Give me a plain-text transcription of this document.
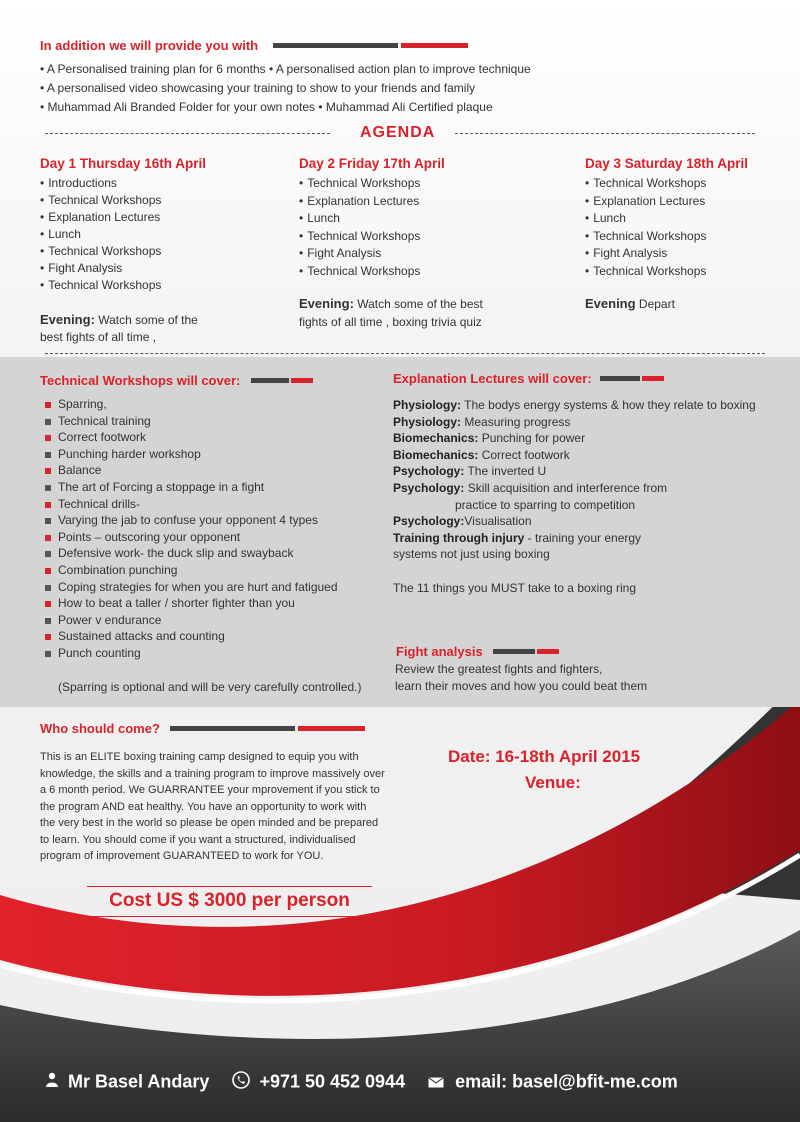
In addition we will provide you with
• A Personalised training plan for 6 months • A personalised action plan to improve technique
• A personalised video showcasing your training to show to your friends and family
• Muhammad Ali Branded Folder for your own notes • Muhammad Ali Certified plaque
AGENDA
Day 1 Thursday 16th April
• Introductions
• Technical Workshops
• Explanation Lectures
• Lunch
• Technical Workshops
• Fight Analysis
• Technical Workshops
Evening: Watch some of the
best fights of all time ,
Day 2 Friday 17th April
• Technical Workshops
• Explanation Lectures
• Lunch
• Technical Workshops
• Fight Analysis
• Technical Workshops
Evening: Watch some of the best
fights of all time , boxing trivia quiz
Day 3 Saturday 18th April
• Technical Workshops
• Explanation Lectures
• Lunch
• Technical Workshops
• Fight Analysis
• Technical Workshops
Evening Depart
Technical Workshops will cover:
Sparring,
Technical training
Correct footwork
Punching harder workshop
Balance
The art of Forcing a stoppage in a fight
Technical drills-
Varying the jab to confuse your opponent 4 types
Points – outscoring your opponent
Defensive work- the duck slip and swayback
Combination punching
Coping strategies for when you are hurt and fatigued
How to beat a taller / shorter fighter than you
Power v endurance
Sustained attacks and counting
Punch counting
(Sparring is optional and will be very carefully controlled.)
Explanation Lectures will cover:

Physiology: The bodys energy systems & how they relate to boxing

Physiology: Measuring progress

Biomechanics: Punching for power

Biomechanics: Correct footwork

Psychology: The inverted U

Psychology: Skill acquisition and interference from

practice to sparring to competition

Psychology:Visualisation

Training through injury - training your energy

systems not just using boxing

The 11 things you MUST take to a boxing ring
Fight analysis
Review the greatest fights and fighters,
learn their moves and how you could beat them
Who should come?
This is an ELITE boxing training camp designed to equip you with
knowledge, the skills and a training program to improve massively over
a 6 month period. We GUARRANTEE your mprovement if you stick to
the program AND eat healthy. You have an opportunity to work with
the very best in the world so please be open minded and be prepared
to learn. You should come if you want a structured, individualised
program of improvement GUARANTEED to work for YOU.
Date: 16-18th April 2015
Venue:
Cost US $ 3000 per person
Mr Basel Andary	+971 50 452 0944	email: basel@bfit-me.com
